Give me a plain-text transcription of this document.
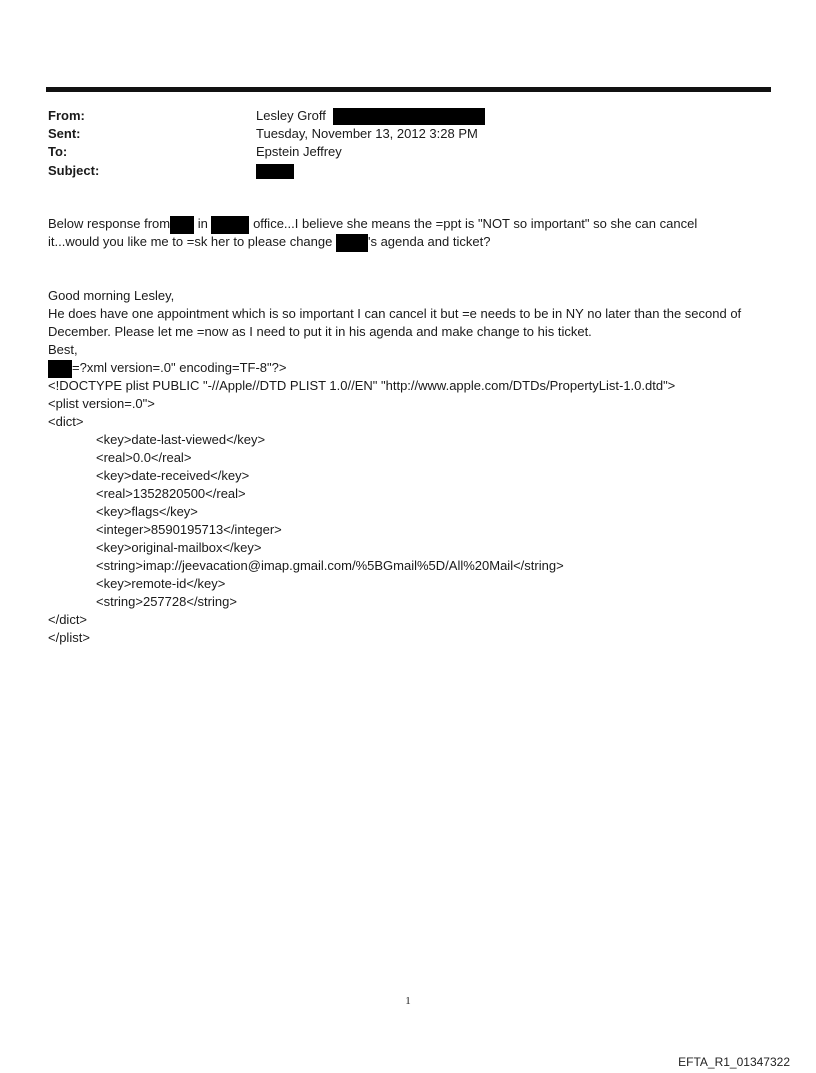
From:	Lesley Groff
Sent:	Tuesday, November 13, 2012 3:28 PM
To:	Epstein Jeffrey
Subject:
Below response from in	office...I believe she means the =ppt is "NOT so important" so she can cancel
it...would you like me to =sk her to please change 's agenda and ticket?
Good morning Lesley,
He does have one appointment which is so important I can cancel it but =e needs to be in NY no later than the second of December. Please let me =now as I need to put it in his agenda and make change to his ticket.
Best,
=?xml version=.0" encoding=TF-8"?>
<!DOCTYPE plist PUBLIC "-//Apple//DTD PLIST 1.0//EN" "http://www.apple.com/DTDs/PropertyList-1.0.dtd">
<plist version=.0">
<dict>
<key>date-last-viewed</key>
<real>0.0</real>
<key>date-received</key>
<real>1352820500</real>
<key>flags</key>
<integer>8590195713</integer>
<key>original-mailbox</key>
<string>imap://jeevacation@imap.gmail.com/%5BGmail%5D/All%20Mail</string>
<key>remote-id</key>
<string>257728</string>
</dict>
</plist>
1
EFTA_R1_01347322
